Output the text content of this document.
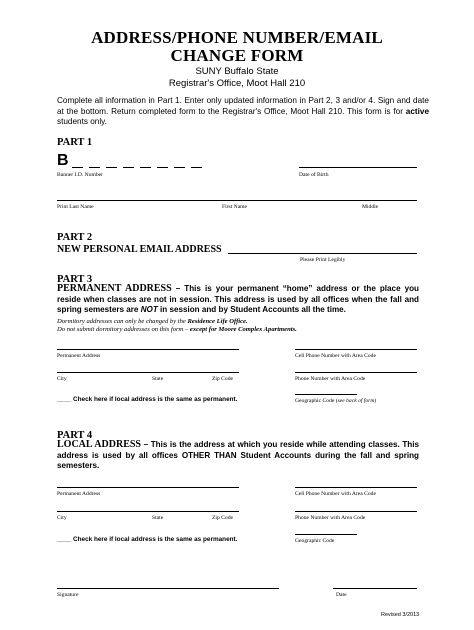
ADDRESS/PHONE NUMBER/EMAIL
CHANGE FORM
SUNY Buffalo State
Registrar's Office, Moot Hall 210
Complete all information in Part 1. Enter only updated information in Part 2, 3 and/or 4. Sign and date at the bottom. Return completed form to the Registrar's Office, Moot Hall 210. This form is for active students only.
PART 1
B
Banner I.D. Number	Date of Birth
Print Last Name	First Name	Middle
PART 2
NEW PERSONAL EMAIL ADDRESS
Please Print Legibly
PART 3
PERMANENT ADDRESS – This is your permanent “home” address or the place you reside when classes are not in session. This address is used by all offices when the fall and spring semesters are NOT in session and by Student Accounts all the time.
Dormitory addresses can only be changed by the Residence Life Office.
Do not submit dormitory addresses on this form – except for Moore Complex Apartments.
Permanent Address	Cell Phone Number with Area Code
City	State	Zip Code	Phone Number with Area Code
____ Check here if local address is the same as permanent.	Geographic Code (see back of form)
PART 4
LOCAL ADDRESS – This is the address at which you reside while attending classes. This address is used by all offices OTHER THAN Student Accounts during the fall and spring semesters.
Permanent Address	Cell Phone Number with Area Code
City	State	Zip Code	Phone Number with Area Code
____ Check here if local address is the same as permanent.	Geographic Code
Signature	Date
Revised 3/2013
